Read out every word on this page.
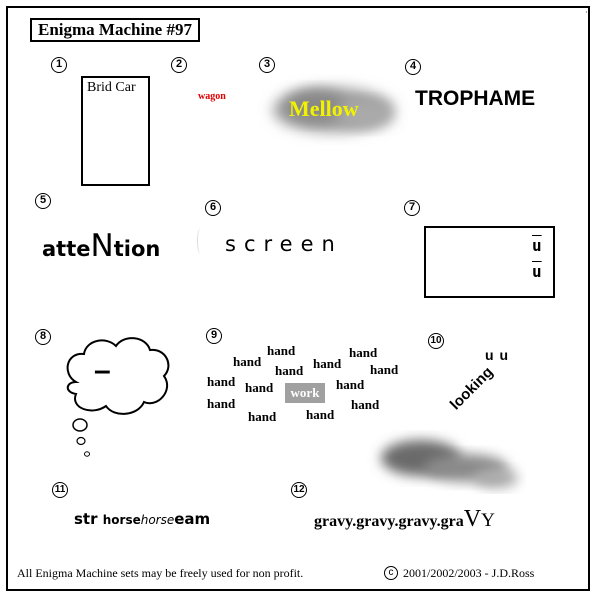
·
Enigma Machine #97
1	2	3	4
5
6	7
8	9	10
11	12
Brid Car
wagon	Mellow	TROPHAME
atteNtion	screen	$\overline{u}$
$\overline{u}$
–
hand
hand	hand
hand
hand	hand
hand hand	hand
hand	hand
hand hand
work
u u
looking
str horsehorseeam	gravy.gravy.gravy.graVY
All Enigma Machine sets may be freely used for non profit.	c 2001/2002/2003 - J.D.Ross
